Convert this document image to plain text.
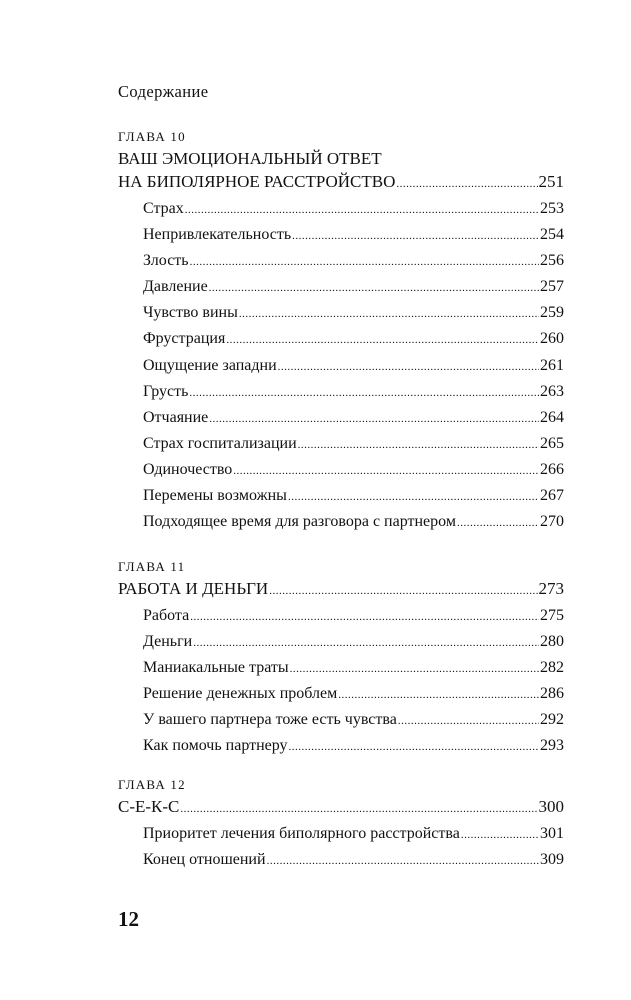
Содержание
ГЛАВА 10
ВАШ ЭМОЦИОНАЛЬНЫЙ ОТВЕТ
НА БИПОЛЯРНОЕ РАССТРОЙСТВО .....	251
Страх .....	253
Непривлекательность .....	254
Злость .....	256
Давление .....	257
Чувство вины .....	259
Фрустрация .....	260
Ощущение западни .....	261
Грусть .....	263
Отчаяние .....	264
Страх госпитализации .....	265
Одиночество .....	266
Перемены возможны .....	267
Подходящее время для разговора с партнером .....	270
ГЛАВА 11
РАБОТА И ДЕНЬГИ .....	273
Работа .....	275
Деньги .....	280
Маниакальные траты .....	282
Решение денежных проблем .....	286
У вашего партнера тоже есть чувства .....	292
Как помочь партнеру .....	293
ГЛАВА 12
С-Е-К-С .....	300
Приоритет лечения биполярного расстройства .....	301
Конец отношений .....	309
12
